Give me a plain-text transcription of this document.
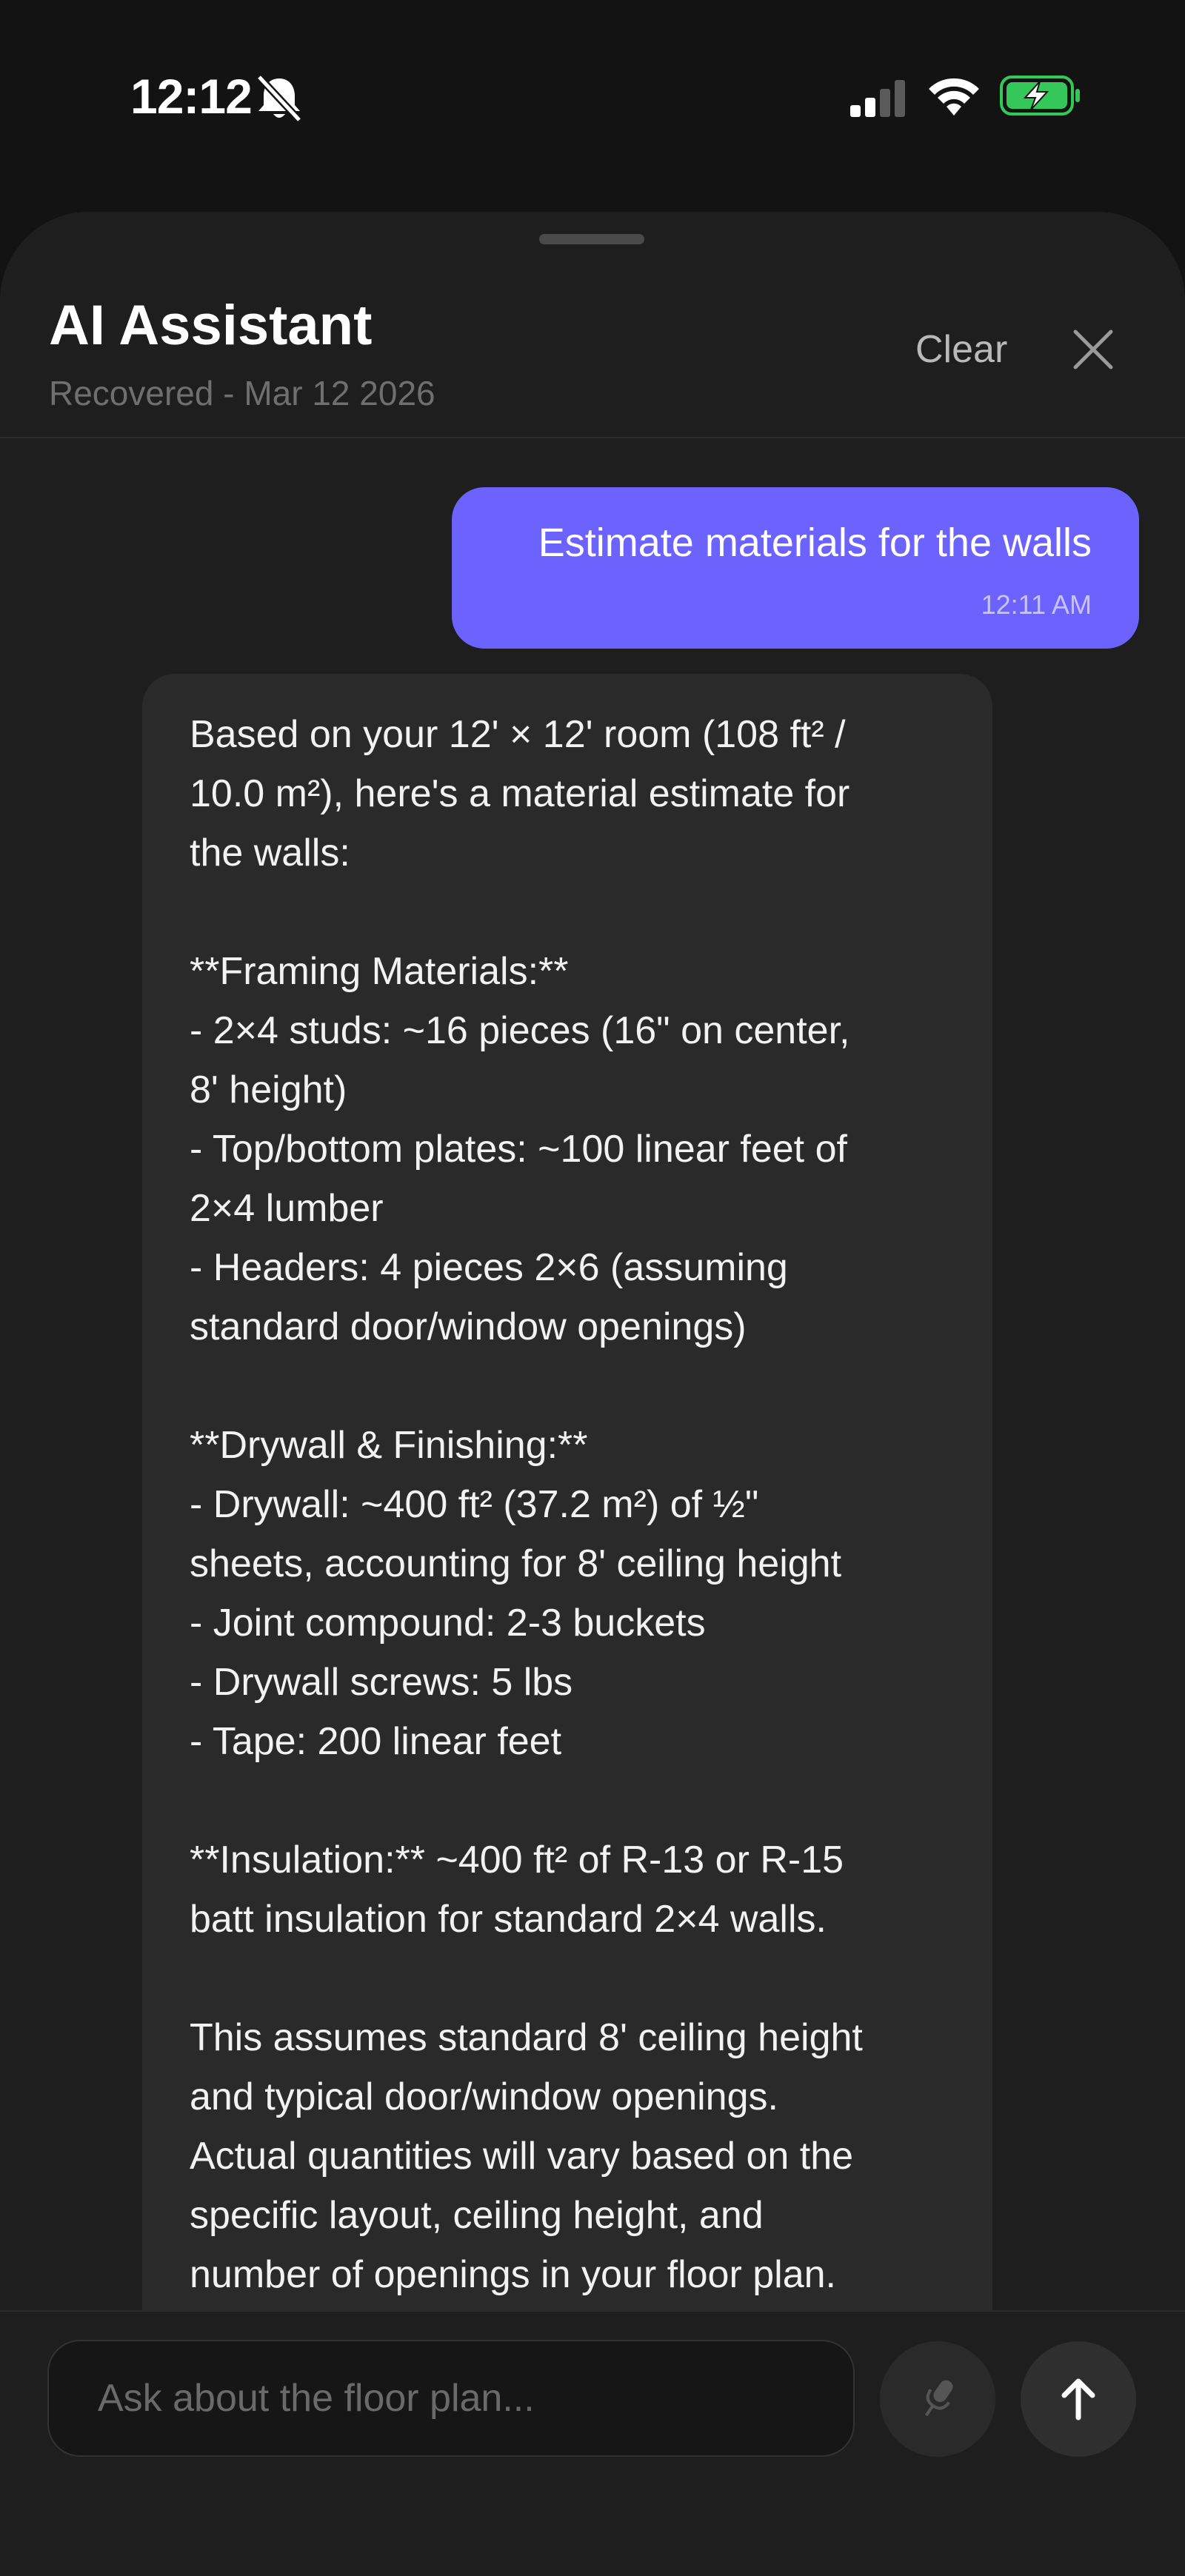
12:12
AI Assistant
Recovered - Mar 12 2026
Clear
Estimate materials for the walls
12:11 AM
Based on your 12' × 12' room (108 ft² /
10.0 m²), here's a material estimate for
the walls:

**Framing Materials:**
- 2×4 studs: ~16 pieces (16" on center,
8' height)
- Top/bottom plates: ~100 linear feet of
2×4 lumber
- Headers: 4 pieces 2×6 (assuming
standard door/window openings)

**Drywall & Finishing:**
- Drywall: ~400 ft² (37.2 m²) of ½"
sheets, accounting for 8' ceiling height
- Joint compound: 2-3 buckets
- Drywall screws: 5 lbs
- Tape: 200 linear feet

**Insulation:** ~400 ft² of R-13 or R-15
batt insulation for standard 2×4 walls.

This assumes standard 8' ceiling height
and typical door/window openings.
Actual quantities will vary based on the
specific layout, ceiling height, and
number of openings in your floor plan.
Ask about the floor plan...
